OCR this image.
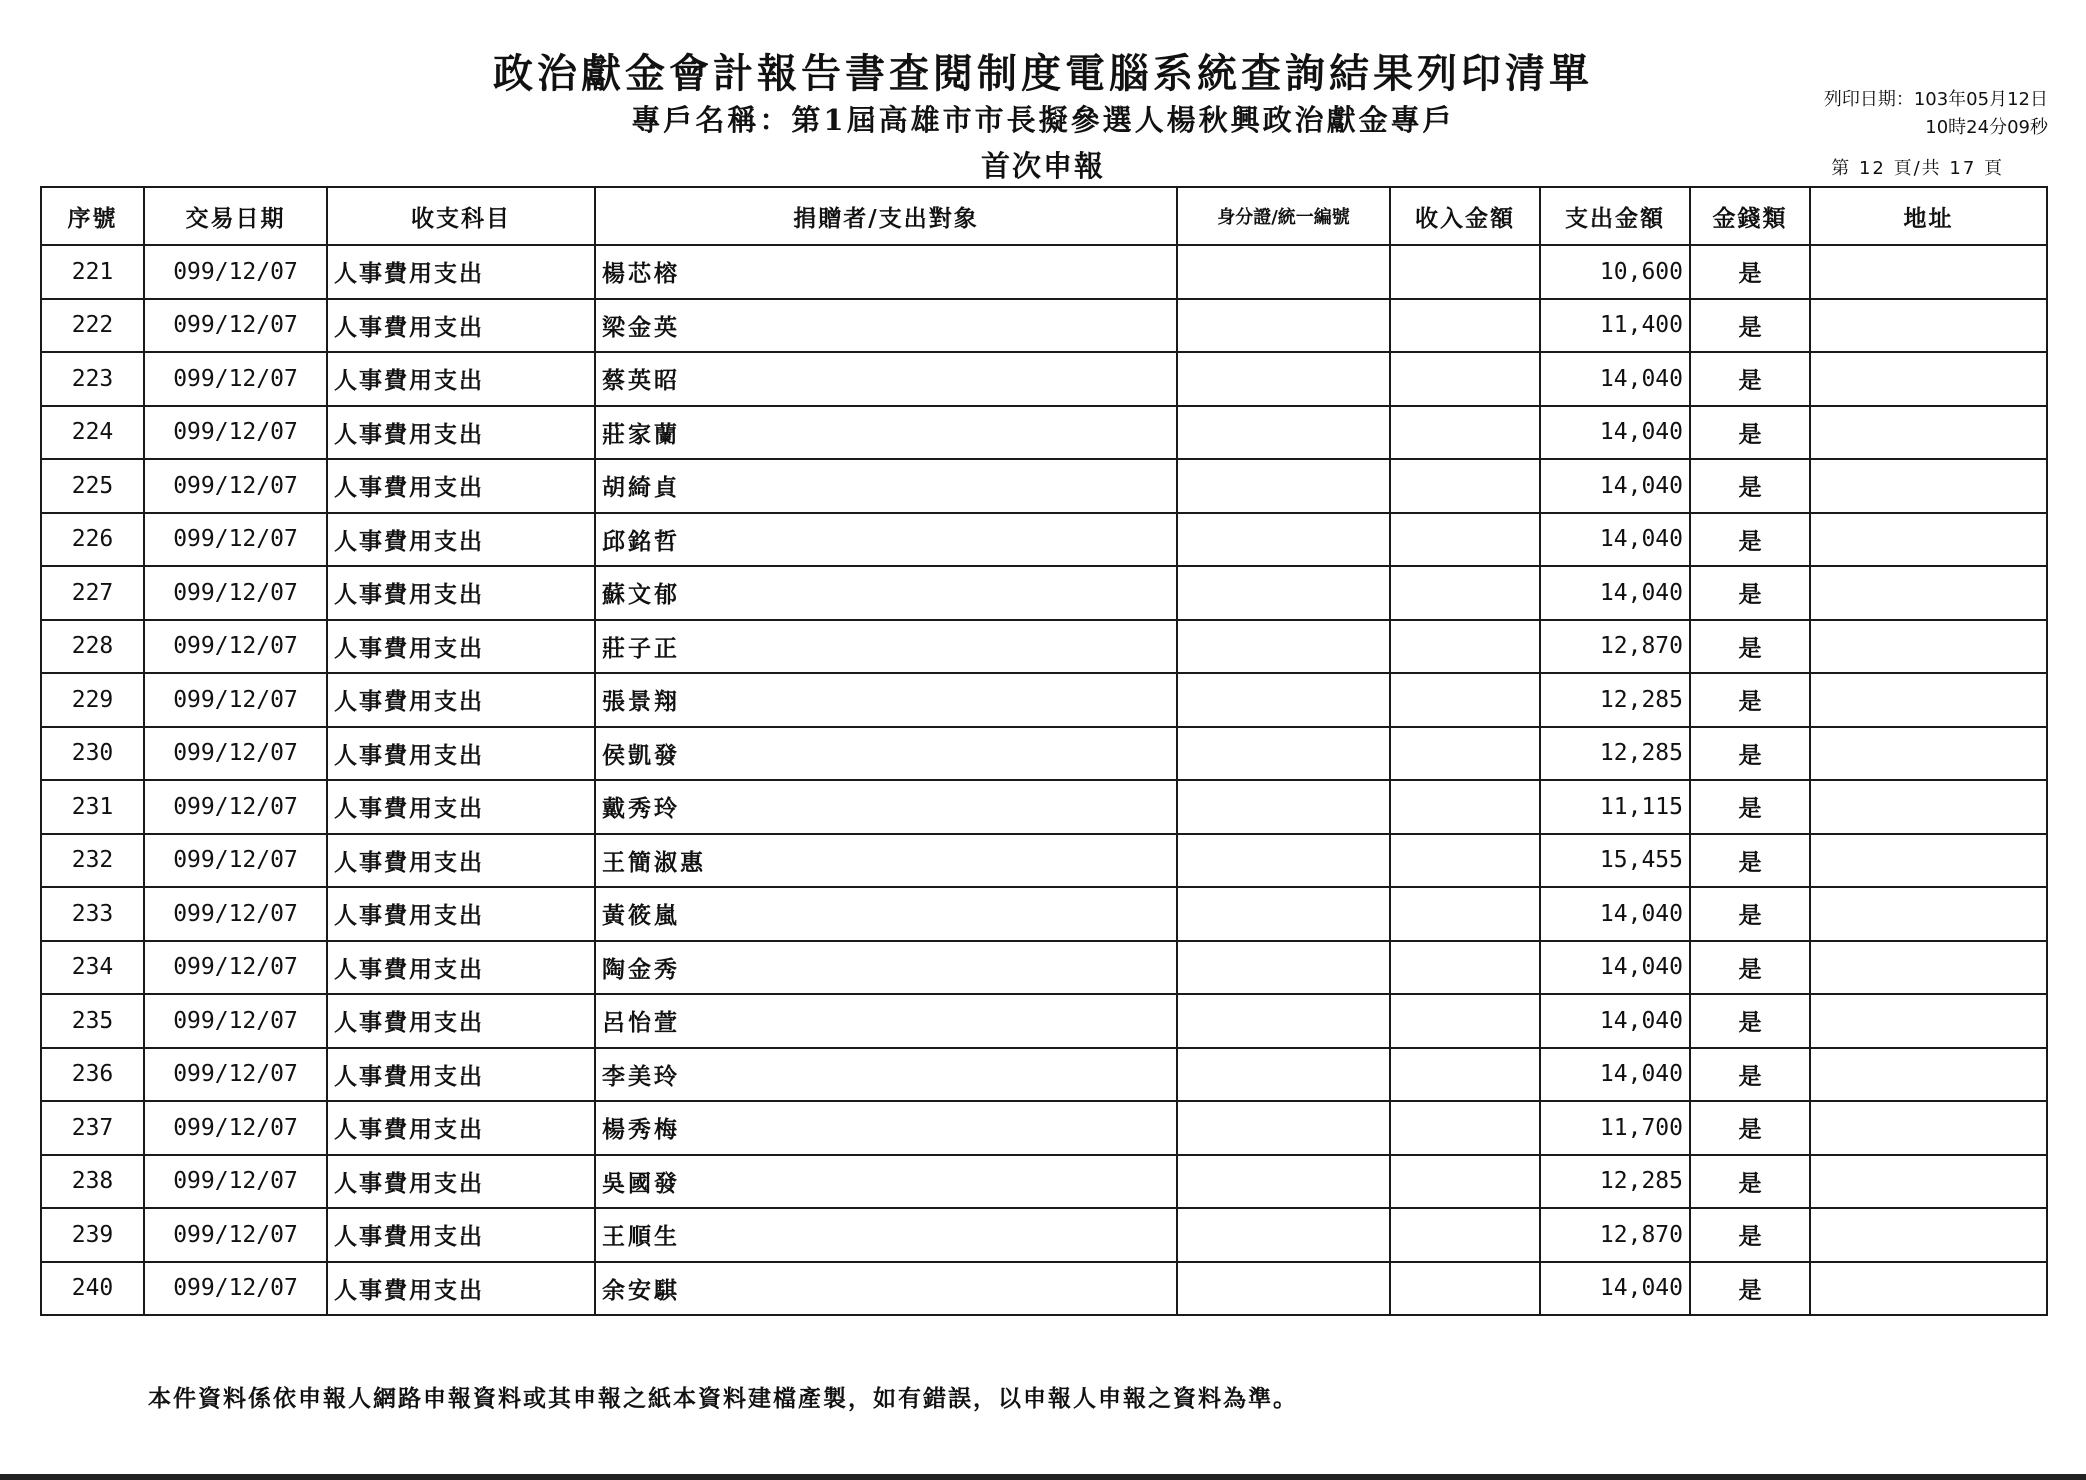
政治獻金會計報告書查閱制度電腦系統查詢結果列印清單
專戶名稱：第1屆高雄市市長擬參選人楊秋興政治獻金專戶
首次申報
列印日期：103年05月12日
10時24分09秒
第 12 頁/共 17 頁
序號	交易日期	收支科目	捐贈者/支出對象	身分證/統一編號	收入金額	支出金額	金錢類	地址
221	099/12/07	人事費用支出	楊芯榕			10,600	是	
222	099/12/07	人事費用支出	梁金英			11,400	是	
223	099/12/07	人事費用支出	蔡英昭			14,040	是	
224	099/12/07	人事費用支出	莊家蘭			14,040	是	
225	099/12/07	人事費用支出	胡綺貞			14,040	是	
226	099/12/07	人事費用支出	邱銘哲			14,040	是	
227	099/12/07	人事費用支出	蘇文郁			14,040	是	
228	099/12/07	人事費用支出	莊子正			12,870	是	
229	099/12/07	人事費用支出	張景翔			12,285	是	
230	099/12/07	人事費用支出	侯凱發			12,285	是	
231	099/12/07	人事費用支出	戴秀玲			11,115	是	
232	099/12/07	人事費用支出	王簡淑惠			15,455	是	
233	099/12/07	人事費用支出	黃筱嵐			14,040	是	
234	099/12/07	人事費用支出	陶金秀			14,040	是	
235	099/12/07	人事費用支出	呂怡萱			14,040	是	
236	099/12/07	人事費用支出	李美玲			14,040	是	
237	099/12/07	人事費用支出	楊秀梅			11,700	是	
238	099/12/07	人事費用支出	吳國發			12,285	是	
239	099/12/07	人事費用支出	王順生			12,870	是	
240	099/12/07	人事費用支出	余安騏			14,040	是	
本件資料係依申報人網路申報資料或其申報之紙本資料建檔產製，如有錯誤，以申報人申報之資料為準。
